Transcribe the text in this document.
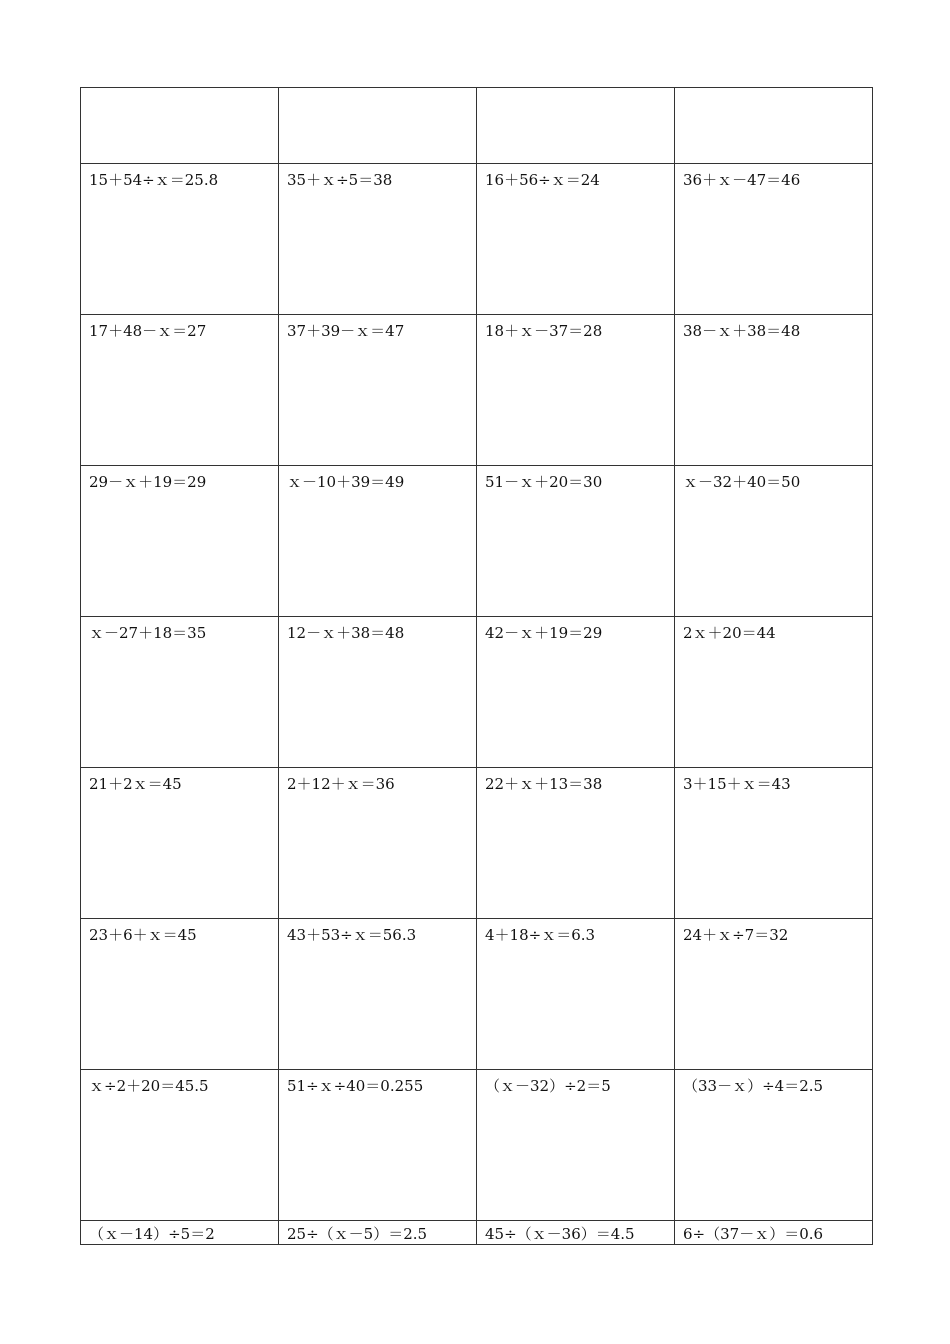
15＋54÷ｘ＝25.8	35＋ｘ÷5＝38	16＋56÷ｘ＝24	36＋ｘ－47＝46
17＋48－ｘ＝27	37＋39－ｘ＝47	18＋ｘ－37＝28	38－ｘ＋38＝48
29－ｘ＋19＝29	ｘ－10＋39＝49	51－ｘ＋20＝30	ｘ－32＋40＝50
ｘ－27＋18＝35	12－ｘ＋38＝48	42－ｘ＋19＝29	2ｘ＋20＝44
21＋2ｘ＝45	2＋12＋ｘ＝36	22＋ｘ＋13＝38	3＋15＋ｘ＝43
23＋6＋ｘ＝45	43＋53÷ｘ＝56.3	4＋18÷ｘ＝6.3	24＋ｘ÷7＝32
ｘ÷2＋20＝45.5	51÷ｘ÷40＝0.255	（ｘ－32）÷2＝5	（33－ｘ）÷4＝2.5
（ｘ－14）÷5＝2	25÷（ｘ－5）＝2.5	45÷（ｘ－36）＝4.5	6÷（37－ｘ）＝0.6
